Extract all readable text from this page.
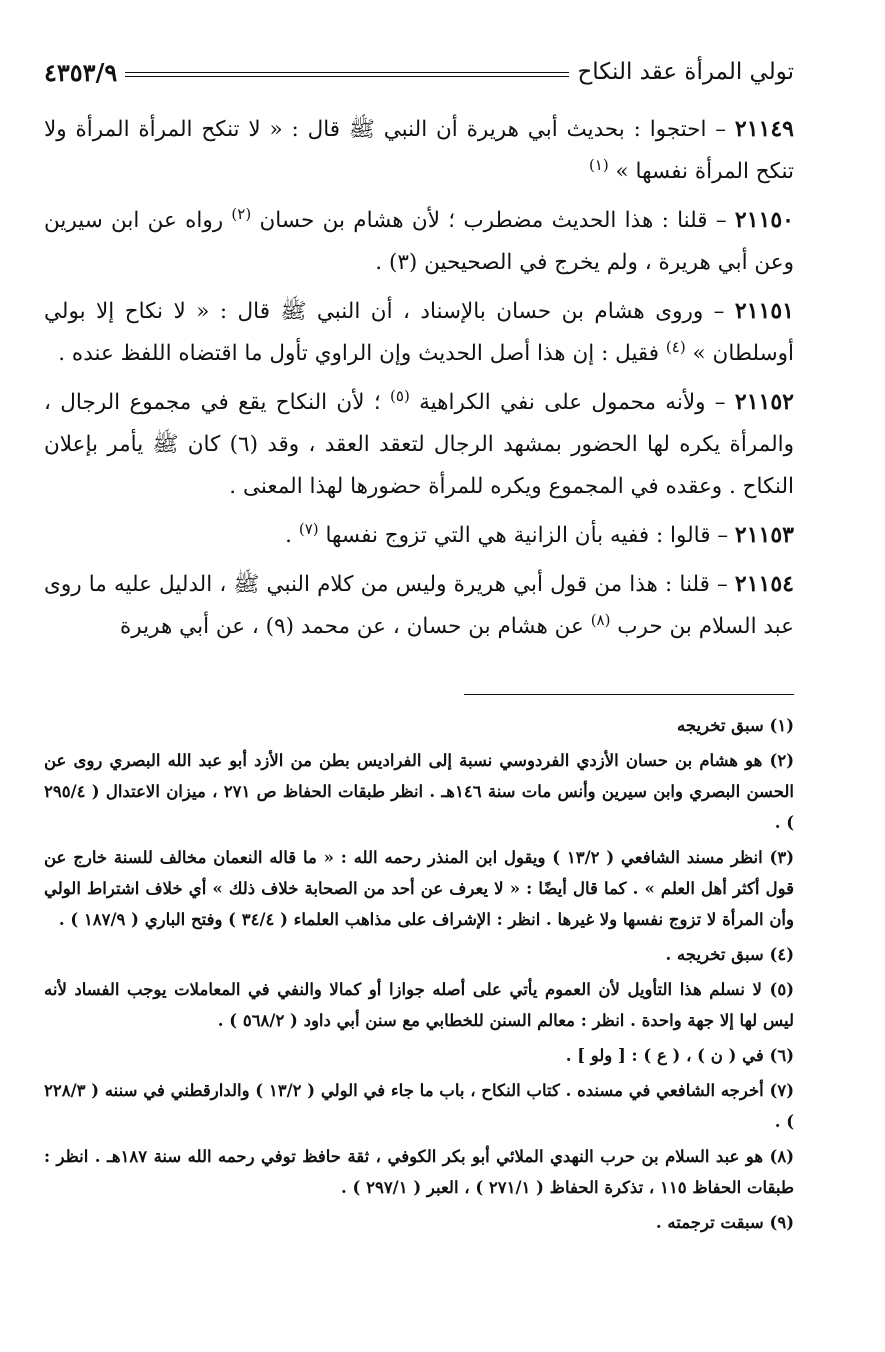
تولي المرأة عقد النكاح
٤٣٥٣/٩

٢١١٤٩ – احتجوا : بحديث أبي هريرة أن النبي ﷺ قال : « لا تنكح المرأة المرأة ولا تنكح المرأة نفسها » $^{(١)}$

٢١١٥٠ – قلنا : هذا الحديث مضطرب ؛ لأن هشام بن حسان $^{(٢)}$ رواه عن ابن سيرين وعن أبي هريرة ، ولم يخرج في الصحيحين (٣) .

٢١١٥١ – وروى هشام بن حسان بالإسناد ، أن النبي ﷺ قال : « لا نكاح إلا بولي أوسلطان » $^{(٤)}$ فقيل : إن هذا أصل الحديث وإن الراوي تأول ما اقتضاه اللفظ عنده .

٢١١٥٢ – ولأنه محمول على نفي الكراهية $^{(٥)}$ ؛ لأن النكاح يقع في مجموع الرجال ، والمرأة يكره لها الحضور بمشهد الرجال لتعقد العقد ، وقد (٦) كان ﷺ يأمر بإعلان النكاح . وعقده في المجموع ويكره للمرأة حضورها لهذا المعنى .

٢١١٥٣ – قالوا : ففيه بأن الزانية هي التي تزوج نفسها $^{(٧)}$ .

٢١١٥٤ – قلنا : هذا من قول أبي هريرة وليس من كلام النبي ﷺ ، الدليل عليه ما روى عبد السلام بن حرب $^{(٨)}$ عن هشام بن حسان ، عن محمد (٩) ، عن أبي هريرة

(١) سبق تخريجه

(٢) هو هشام بن حسان الأزدي الفردوسي نسبة إلى الفراديس بطن من الأزد أبو عبد الله البصري روى عن الحسن البصري وابن سيرين وأنس مات سنة ١٤٦هـ . انظر طبقات الحفاظ ص ٢٧١ ، ميزان الاعتدال ( ٢٩٥/٤ ) .

(٣) انظر مسند الشافعي ( ١٣/٢ ) ويقول ابن المنذر رحمه الله : « ما قاله النعمان مخالف للسنة خارج عن قول أكثر أهل العلم » . كما قال أيضًا : « لا يعرف عن أحد من الصحابة خلاف ذلك » أي خلاف اشتراط الولي وأن المرأة لا تزوج نفسها ولا غيرها . انظر : الإشراف على مذاهب العلماء ( ٣٤/٤ ) وفتح الباري ( ١٨٧/٩ ) .

(٤) سبق تخريجه .

(٥) لا نسلم هذا التأويل لأن العموم يأتي على أصله جوازا أو كمالا والنفي في المعاملات يوجب الفساد لأنه ليس لها إلا جهة واحدة . انظر : معالم السنن للخطابي مع سنن أبي داود ( ٥٦٨/٢ ) .

(٦) في ( ن ) ، ( ع ) : [ ولو ] .

(٧) أخرجه الشافعي في مسنده . كتاب النكاح ، باب ما جاء في الولي ( ١٣/٢ ) والدارقطني في سننه ( ٢٢٨/٣ ) .

(٨) هو عبد السلام بن حرب النهدي الملائي أبو بكر الكوفي ، ثقة حافظ توفي رحمه الله سنة ١٨٧هـ . انظر : طبقات الحفاظ ١١٥ ، تذكرة الحفاظ ( ٢٧١/١ ) ، العبر ( ٢٩٧/١ ) .

(٩) سبقت ترجمته .
